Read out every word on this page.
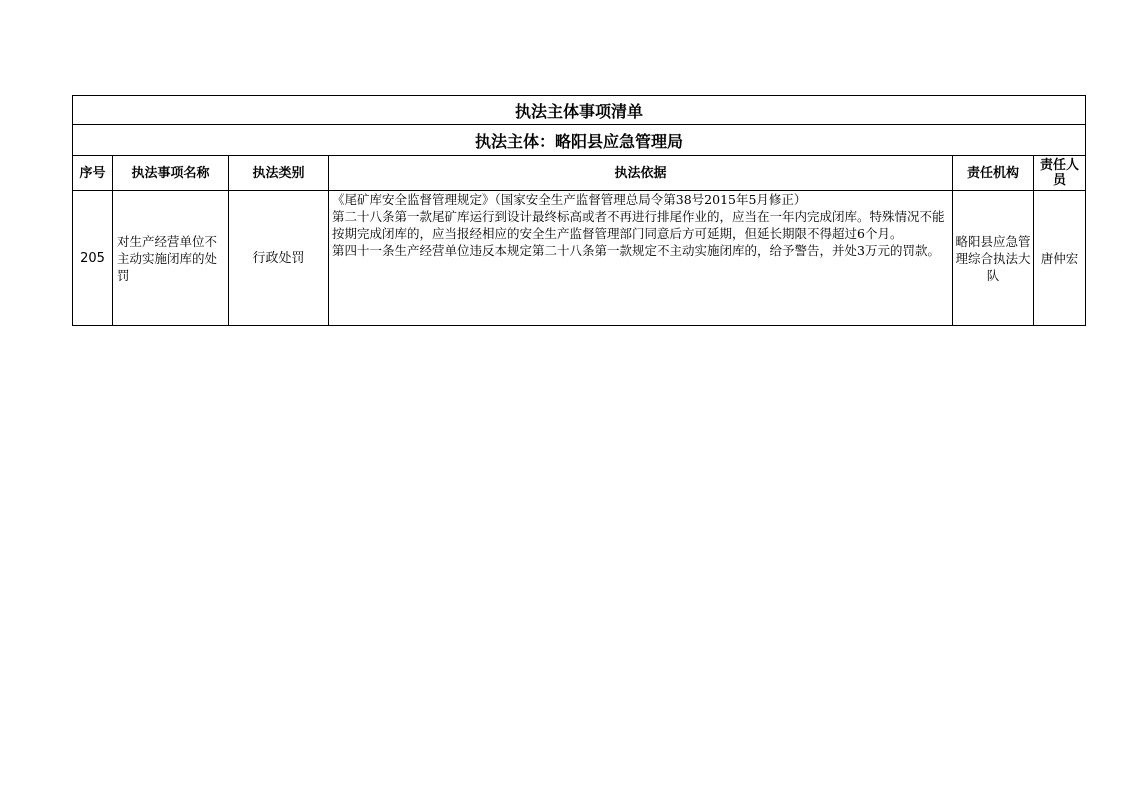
执法主体事项清单					
执法主体：略阳县应急管理局					
序号	执法事项名称	执法类别	执法依据	责任机构	责任人员
205	对生产经营单位不主动实施闭库的处罚	行政处罚	《尾矿库安全监督管理规定》（国家安全生产监督管理总局令第38号2015年5月修正）
第二十八条第一款尾矿库运行到设计最终标高或者不再进行排尾作业的，应当在一年内完成闭库。特殊情况不能按期完成闭库的，应当报经相应的安全生产监督管理部门同意后方可延期，但延长期限不得超过6个月。
第四十一条生产经营单位违反本规定第二十八条第一款规定不主动实施闭库的，给予警告，并处3万元的罚款。	略阳县应急管理综合执法大队	唐仲宏
